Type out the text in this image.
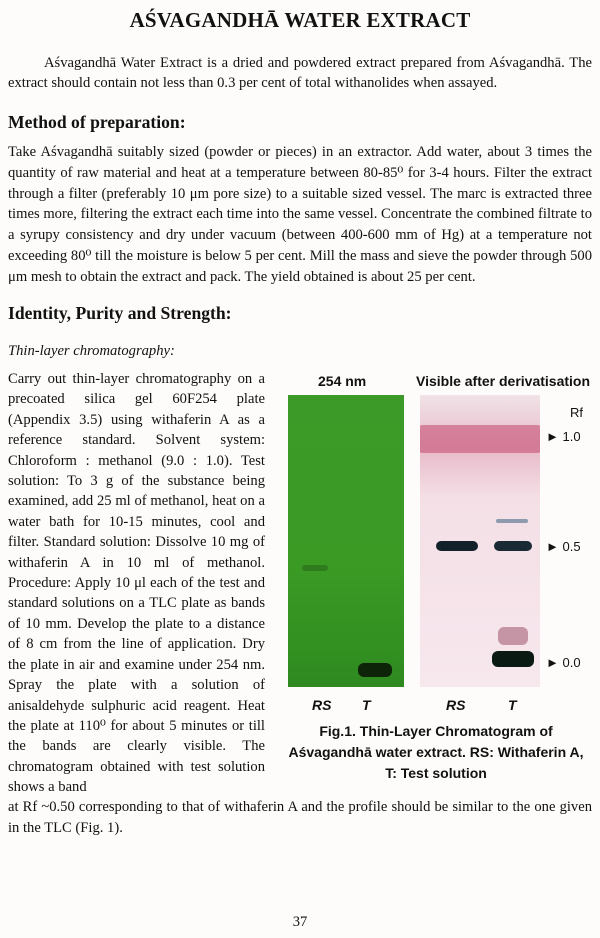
AŚVAGANDHĀ WATER EXTRACT

Aśvagandhā Water Extract is a dried and powdered extract prepared from Aśvagandhā. The extract should contain not less than 0.3 per cent of total withanolides when assayed.

Method of preparation:

Take Aśvagandhā suitably sized (powder or pieces) in an extractor. Add water, about 3 times the quantity of raw material and heat at a temperature between 80-85⁰ for 3-4 hours. Filter the extract through a filter (preferably 10 μm pore size) to a suitable sized vessel. The marc is extracted three times more, filtering the extract each time into the same vessel. Concentrate the combined filtrate to a syrupy consistency and dry under vacuum (between 400-600 mm of Hg) at a temperature not exceeding 80⁰ till the moisture is below 5 per cent. Mill the mass and sieve the powder through 500 μm mesh to obtain the extract and pack. The yield obtained is about 25 per cent.

Identity, Purity and Strength:

Thin-layer chromatography:

Carry out thin-layer chromatography on a precoated silica gel 60F254 plate (Appendix 3.5) using withaferin A as a reference standard. Solvent system: Chloroform : methanol (9.0 : 1.0). Test solution: To 3 g of the substance being examined, add 25 ml of methanol, heat on a water bath for 10-15 minutes, cool and filter. Standard solution: Dissolve 10 mg of withaferin A in 10 ml of methanol. Procedure: Apply 10 μl each of the test and standard solutions on a TLC plate as bands of 10 mm. Develop the plate to a distance of 8 cm from the line of application. Dry the plate in air and examine under 254 nm. Spray the plate with a solution of anisaldehyde sulphuric acid reagent. Heat the plate at 110⁰ for about 5 minutes or till the bands are clearly visible. The chromatogram obtained with test solution shows a band

254 nm	Visible after derivatisation
Rf
► 1.0
► 0.5
► 0.0
RS T	RS	T
Fig.1. Thin-Layer Chromatogram of
Aśvagandhā water extract. RS: Withaferin A,
T: Test solution

at Rf ~0.50 corresponding to that of withaferin A and the profile should be similar to the one given in the TLC (Fig. 1).

37
